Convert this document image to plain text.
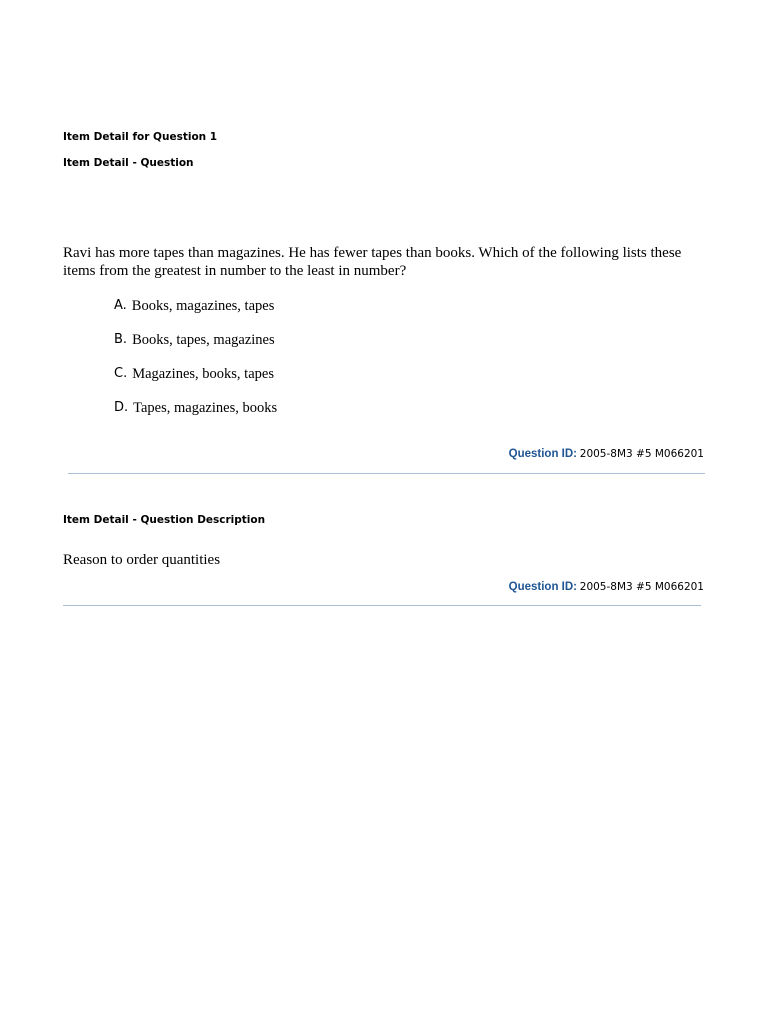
Item Detail for Question 1
Item Detail - Question

Ravi has more tapes than magazines. He has fewer tapes than books. Which of the following lists these items from the greatest in number to the least in number?

A. Books, magazines, tapes
B. Books, tapes, magazines
C. Magazines, books, tapes
D. Tapes, magazines, books
Question ID: 2005-8M3 #5 M066201
Item Detail - Question Description

Reason to order quantities

Question ID: 2005-8M3 #5 M066201
